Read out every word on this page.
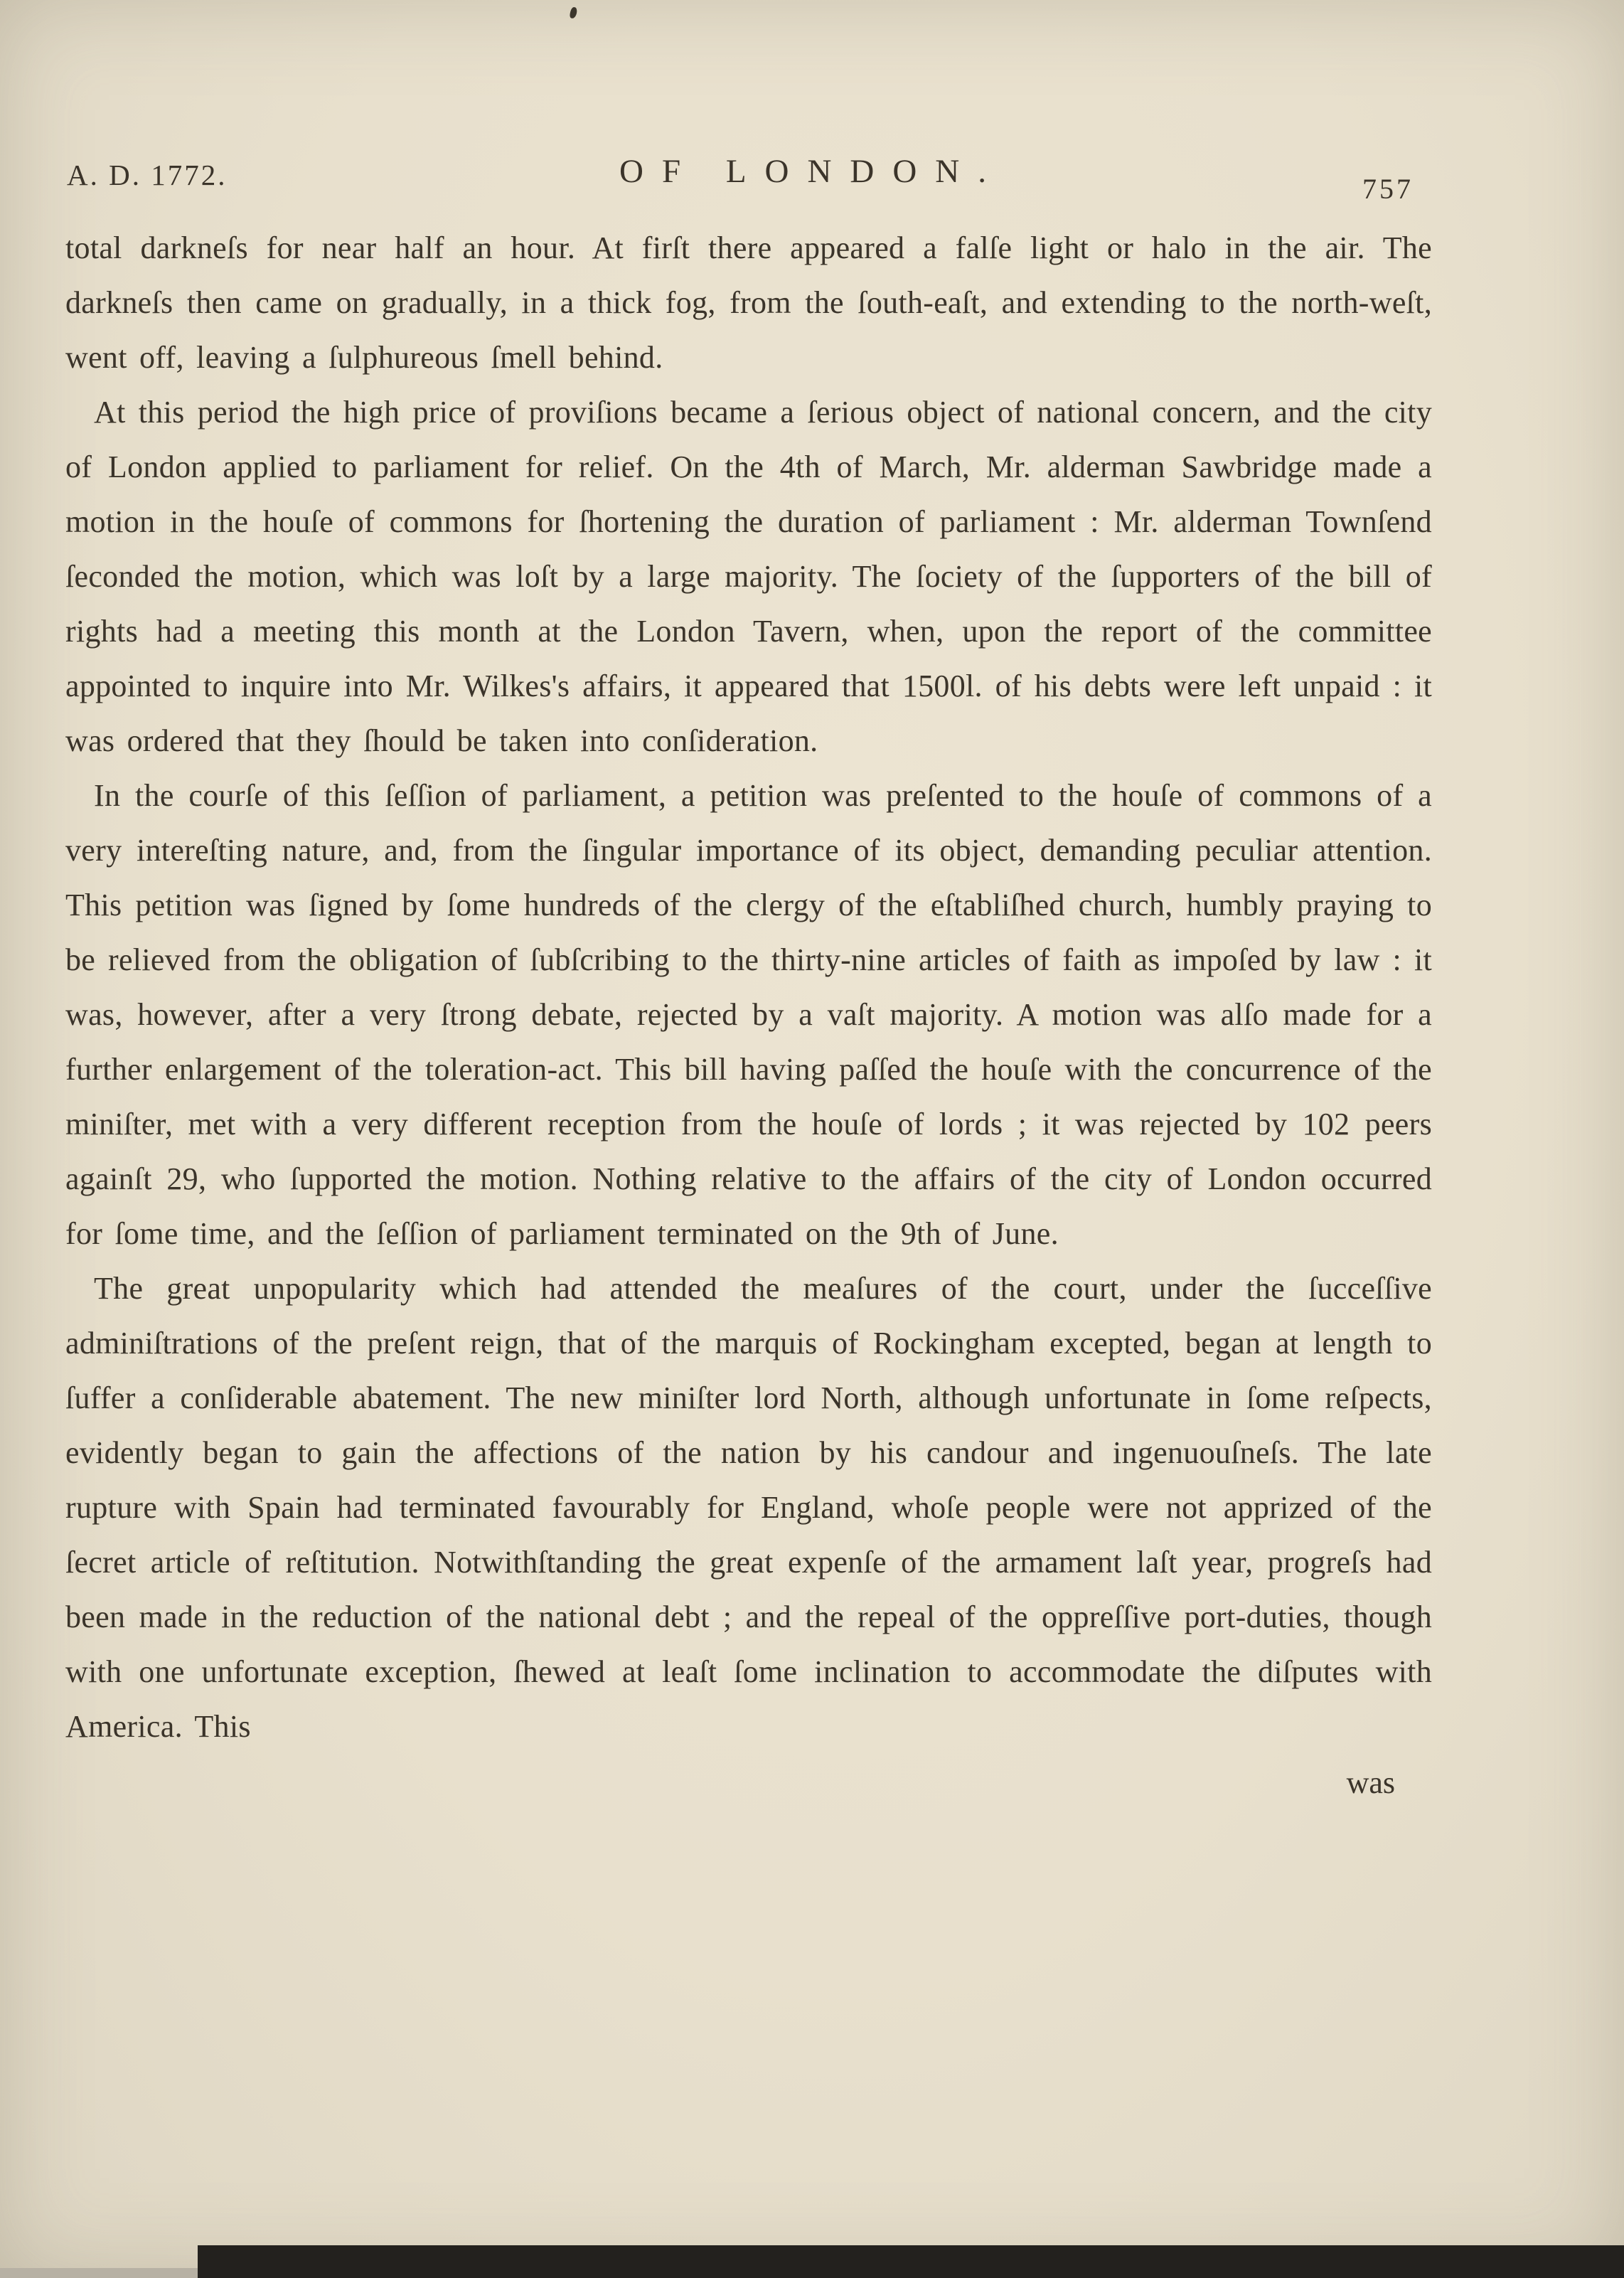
A. D. 1772.	OF LONDON.	757

total darkneſs for near half an hour. At firſt there appeared a falſe light or halo in the air. The darkneſs then came on gradually, in a thick fog, from the ſouth-eaſt, and extending to the north-weſt, went off, leaving a ſulphureous ſmell behind.

At this period the high price of proviſions became a ſerious object of national concern, and the city of London applied to parliament for relief. On the 4th of March, Mr. alderman Sawbridge made a motion in the houſe of commons for ſhortening the duration of parliament : Mr. alderman Townſend ſeconded the motion, which was loſt by a large majority. The ſociety of the ſupporters of the bill of rights had a meeting this month at the London Tavern, when, upon the report of the committee appointed to inquire into Mr. Wilkes's affairs, it appeared that 1500l. of his debts were left unpaid : it was ordered that they ſhould be taken into conſideration.

In the courſe of this ſeſſion of parliament, a petition was preſented to the houſe of commons of a very intereſting nature, and, from the ſingular importance of its object, demanding peculiar attention. This petition was ſigned by ſome hundreds of the clergy of the eſtabliſhed church, humbly praying to be relieved from the obligation of ſubſcribing to the thirty-nine articles of faith as impoſed by law : it was, however, after a very ſtrong debate, rejected by a vaſt majority. A motion was alſo made for a further enlargement of the toleration-act. This bill having paſſed the houſe with the concurrence of the miniſter, met with a very different reception from the houſe of lords ; it was rejected by 102 peers againſt 29, who ſupported the motion. Nothing relative to the affairs of the city of London occurred for ſome time, and the ſeſſion of parliament terminated on the 9th of June.

The great unpopularity which had attended the meaſures of the court, under the ſucceſſive adminiſtrations of the preſent reign, that of the marquis of Rockingham excepted, began at length to ſuffer a conſiderable abatement. The new miniſter lord North, although unfortunate in ſome reſpects, evidently began to gain the affections of the nation by his candour and ingenuouſneſs. The late rupture with Spain had terminated favourably for England, whoſe people were not apprized of the ſecret article of reſtitution. Notwithſtanding the great expenſe of the armament laſt year, progreſs had been made in the reduction of the national debt ; and the repeal of the oppreſſive port-duties, though with one unfortunate exception, ſhewed at leaſt ſome inclination to accommodate the diſputes with America. This

was
